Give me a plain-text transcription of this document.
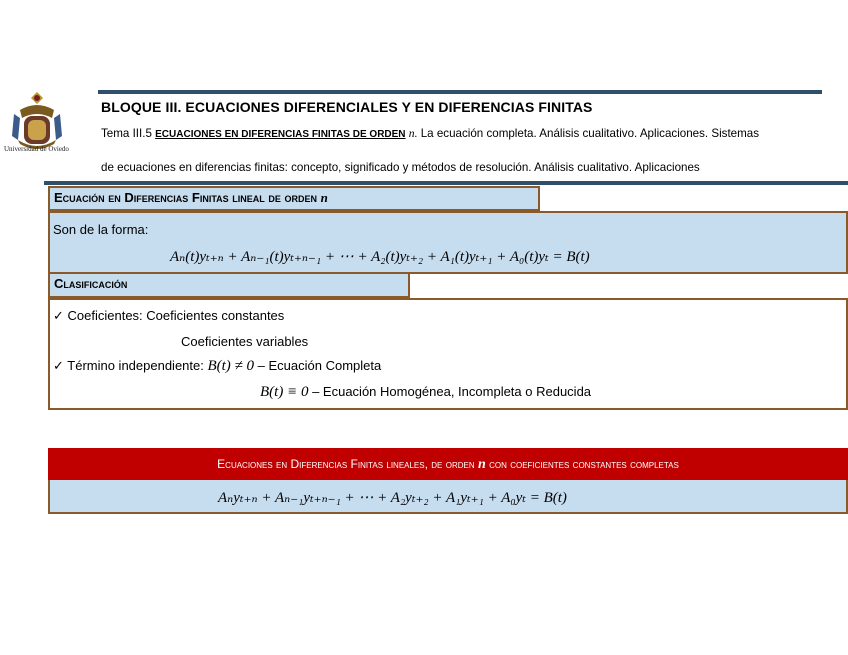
Universidad de Oviedo
BLOQUE III. ECUACIONES DIFERENCIALES Y EN DIFERENCIAS FINITAS
Tema III.5 ECUACIONES EN DIFERENCIAS FINITAS DE ORDEN n. La ecuación completa. Análisis cualitativo. Aplicaciones. Sistemas
de ecuaciones en diferencias finitas: concepto, significado y métodos de resolución. Análisis cualitativo. Aplicaciones
Ecuación en Diferencias Finitas lineal de orden n
Son de la forma:
Aₙ(t)yₜ₊ₙ + Aₙ₋₁(t)yₜ₊ₙ₋₁ + ⋯ + A₂(t)yₜ₊₂ + A₁(t)yₜ₊₁ + A₀(t)yₜ = B(t)
Clasificación
✓ Coeficientes: Coeficientes constantes
Coeficientes variables
✓ Término independiente: B(t) ≠ 0 – Ecuación Completa
B(t) ≡ 0 – Ecuación Homogénea, Incompleta o Reducida
Ecuaciones en Diferencias Finitas lineales, de orden n con coeficientes constantes completas
Aₙyₜ₊ₙ + Aₙ₋₁yₜ₊ₙ₋₁ + ⋯ + A₂yₜ₊₂ + A₁yₜ₊₁ + A₀yₜ = B(t)
